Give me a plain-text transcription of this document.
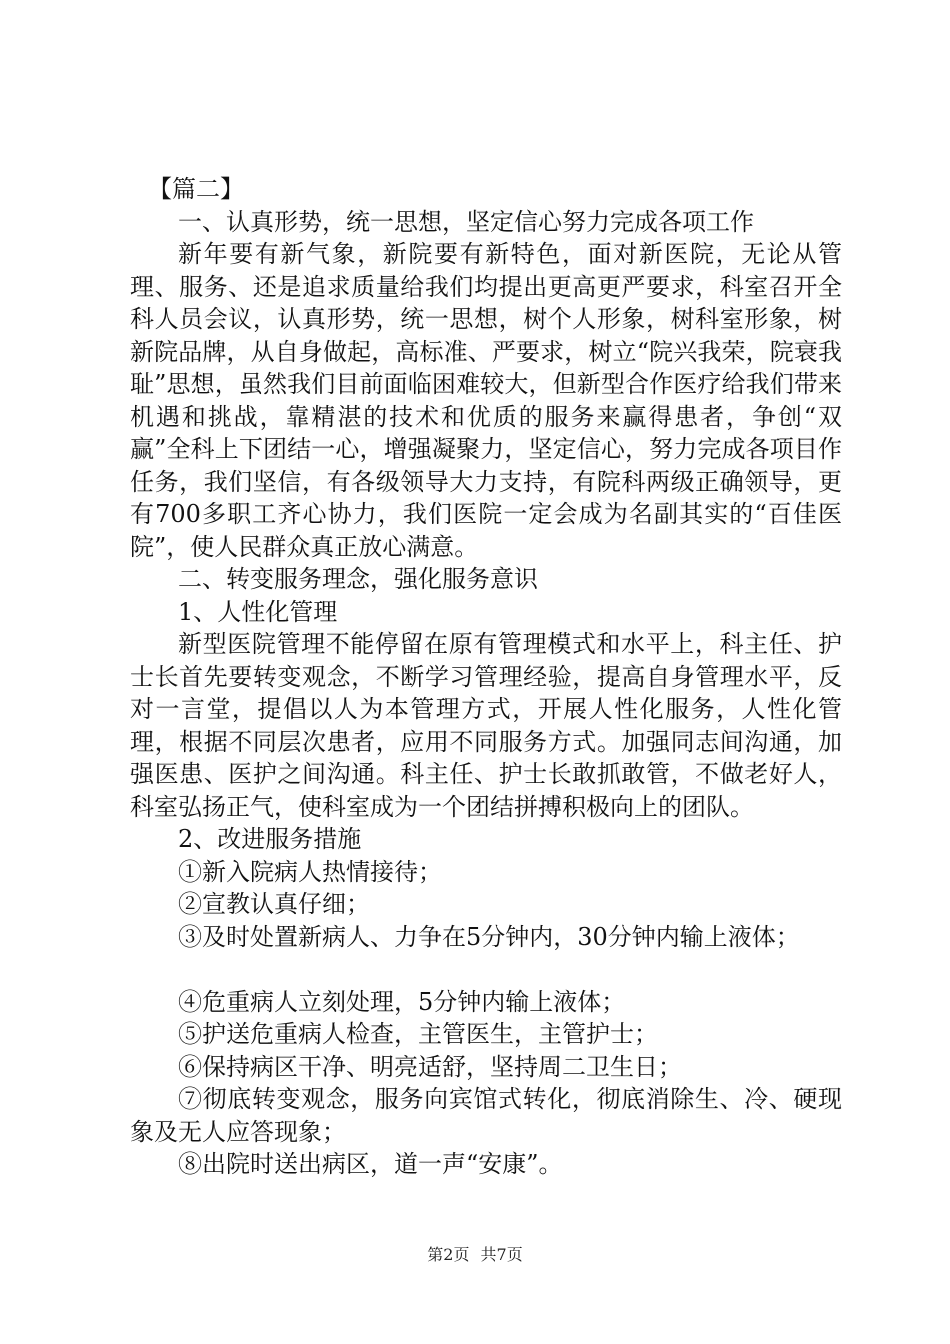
【篇二】

一、认真形势，统一思想，坚定信心努力完成各项工作

新年要有新气象，新院要有新特色，面对新医院，无论从管理、服务、还是追求质量给我们均提出更高更严要求，科室召开全科人员会议，认真形势，统一思想，树个人形象，树科室形象，树新院品牌，从自身做起，高标准、严要求，树立“院兴我荣，院衰我耻”思想，虽然我们目前面临困难较大，但新型合作医疗给我们带来机遇和挑战，靠精湛的技术和优质的服务来赢得患者，争创“双赢”全科上下团结一心，增强凝聚力，坚定信心，努力完成各项目作任务，我们坚信，有各级领导大力支持，有院科两级正确领导，更有700多职工齐心协力，我们医院一定会成为名副其实的“百佳医院”，使人民群众真正放心满意。

二、转变服务理念，强化服务意识

1、人性化管理

新型医院管理不能停留在原有管理模式和水平上，科主任、护士长首先要转变观念，不断学习管理经验，提高自身管理水平，反对一言堂，提倡以人为本管理方式，开展人性化服务，人性化管理，根据不同层次患者，应用不同服务方式。加强同志间沟通，加强医患、医护之间沟通。科主任、护士长敢抓敢管，不做老好人，科室弘扬正气，使科室成为一个团结拼搏积极向上的团队。

2、改进服务措施

①新入院病人热情接待；

②宣教认真仔细；

③及时处置新病人、力争在5分钟内，30分钟内输上液体；

④危重病人立刻处理，5分钟内输上液体；

⑤护送危重病人检查，主管医生，主管护士；

⑥保持病区干净、明亮适舒，坚持周二卫生日；

⑦彻底转变观念，服务向宾馆式转化，彻底消除生、冷、硬现象及无人应答现象；

⑧出院时送出病区，道一声“安康”。

第2页 共7页
